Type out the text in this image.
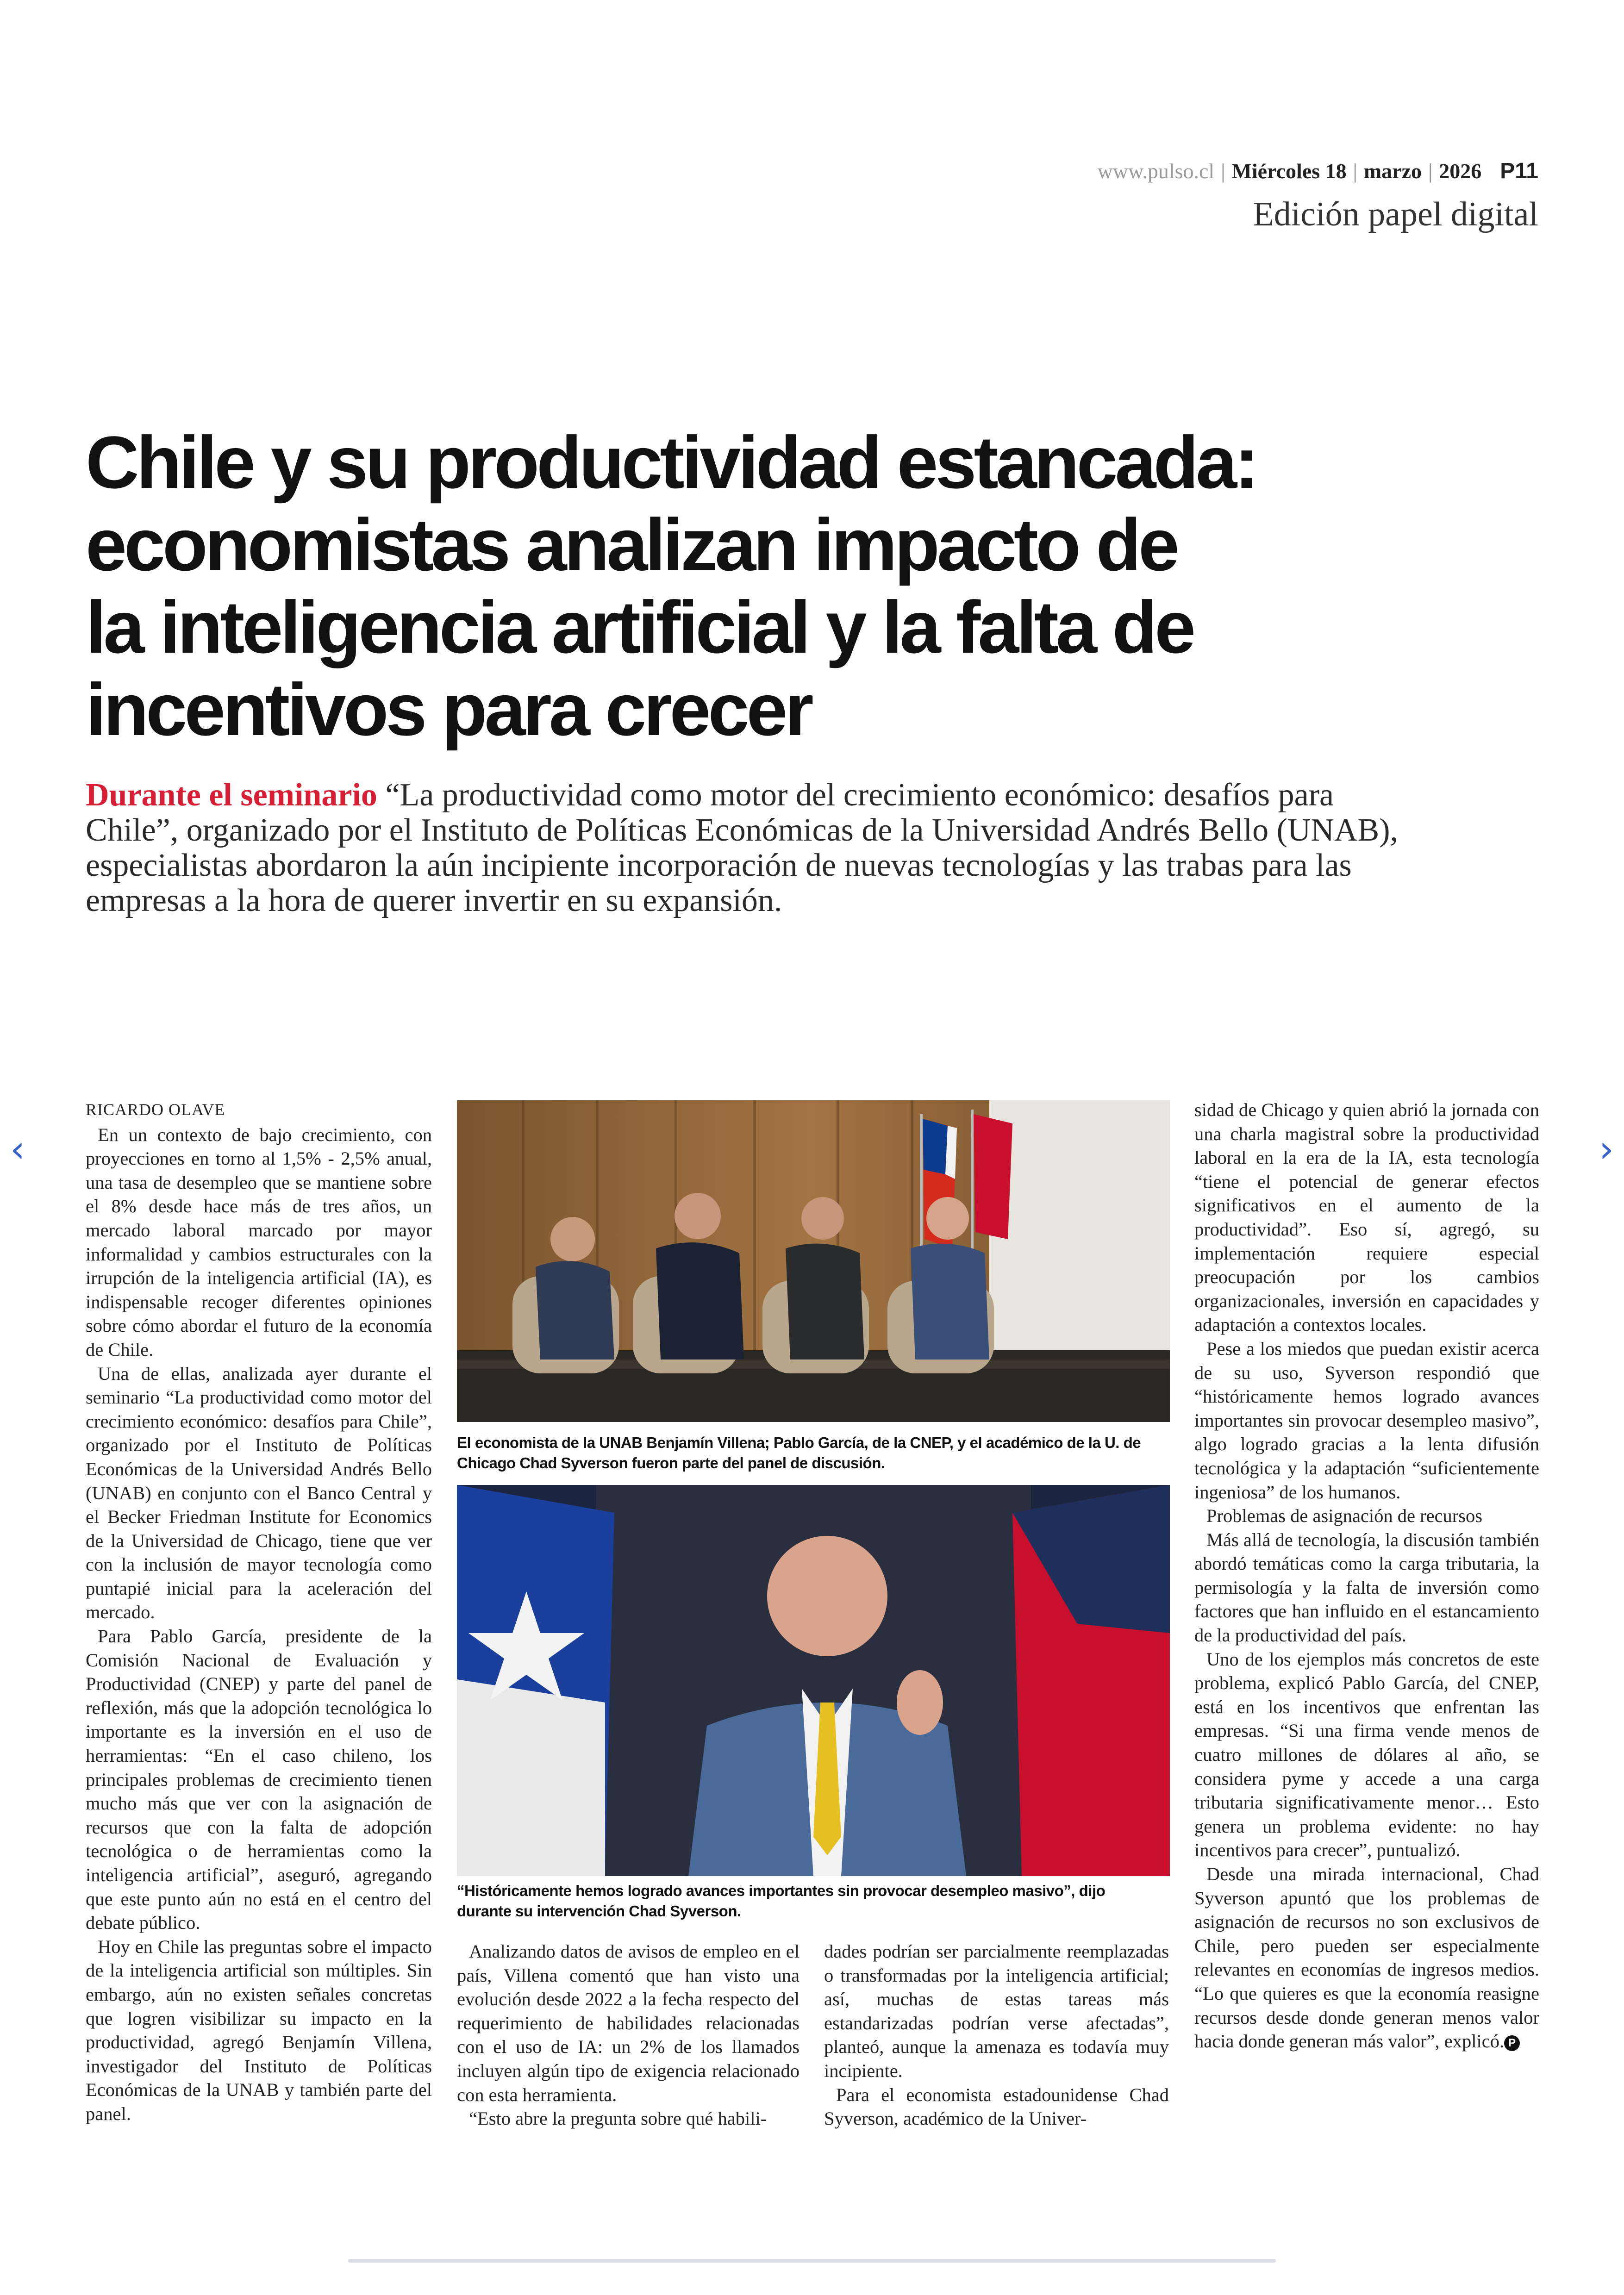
www.pulso.cl | Miércoles 18 | marzo | 2026 P11
Edición papel digital
Chile y su productividad estancada:
economistas analizan impacto de
la inteligencia artificial y la falta de
incentivos para crecer
Durante el seminario “La productividad como motor del crecimiento económico: desafíos para
Chile”, organizado por el Instituto de Políticas Económicas de la Universidad Andrés Bello (UNAB),
especialistas abordaron la aún incipiente incorporación de nuevas tecnologías y las trabas para las
empresas a la hora de querer invertir en su expansión.

RICARDO OLAVE

En un contexto de bajo crecimiento, con proyecciones en torno al 1,5% - 2,5% anual, una tasa de desempleo que se mantiene sobre el 8% desde hace más de tres años, un mercado laboral marcado por mayor informalidad y cambios estructurales con la irrupción de la inteligencia artificial (IA), es indispensable recoger diferentes opiniones sobre cómo abordar el futuro de la economía de Chile.

Una de ellas, analizada ayer durante el seminario “La productividad como motor del crecimiento económico: desafíos para Chile”, organizado por el Instituto de Políticas Económicas de la Universidad Andrés Bello (UNAB) en conjunto con el Banco Central y el Becker Friedman Institute for Economics de la Universidad de Chicago, tiene que ver con la inclusión de mayor tecnología como puntapié inicial para la aceleración del mercado.

Para Pablo García, presidente de la Comisión Nacional de Evaluación y Productividad (CNEP) y parte del panel de reflexión, más que la adopción tecnológica lo importante es la inversión en el uso de herramientas: “En el caso chileno, los principales problemas de crecimiento tienen mucho más que ver con la asignación de recursos que con la falta de adopción tecnológica o de herramientas como la inteligencia artificial”, aseguró, agregando que este punto aún no está en el centro del debate público.

Hoy en Chile las preguntas sobre el impacto de la inteligencia artificial son múltiples. Sin embargo, aún no existen señales concretas que logren visibilizar su impacto en la productividad, agregó Benjamín Villena, investigador del Instituto de Políticas Económicas de la UNAB y también parte del panel.

El economista de la UNAB Benjamín Villena; Pablo García, de la CNEP, y el académico de la U. de
Chicago Chad Syverson fueron parte del panel de discusión.
“Históricamente hemos logrado avances importantes sin provocar desempleo masivo”, dijo
durante su intervención Chad Syverson.

Analizando datos de avisos de empleo en el país, Villena comentó que han visto una evolución desde 2022 a la fecha respecto del requerimiento de habilidades relacionadas con el uso de IA: un 2% de los llamados incluyen algún tipo de exigencia relacionado con esta herramienta.

“Esto abre la pregunta sobre qué habili-

dades podrían ser parcialmente reemplazadas o transformadas por la inteligencia artificial; así, muchas de estas tareas más estandarizadas podrían verse afectadas”, planteó, aunque la amenaza es todavía muy incipiente.

Para el economista estadounidense Chad Syverson, académico de la Univer-

sidad de Chicago y quien abrió la jornada con una charla magistral sobre la productividad laboral en la era de la IA, esta tecnología “tiene el potencial de generar efectos significativos en el aumento de la productividad”. Eso sí, agregó, su implementación requiere especial preocupación por los cambios organizacionales, inversión en capacidades y adaptación a contextos locales.

Pese a los miedos que puedan existir acerca de su uso, Syverson respondió que “históricamente hemos logrado avances importantes sin provocar desempleo masivo”, algo logrado gracias a la lenta difusión tecnológica y la adaptación “suficientemente ingeniosa” de los humanos.

Problemas de asignación de recursos

Más allá de tecnología, la discusión también abordó temáticas como la carga tributaria, la permisología y la falta de inversión como factores que han influido en el estancamiento de la productividad del país.

Uno de los ejemplos más concretos de este problema, explicó Pablo García, del CNEP, está en los incentivos que enfrentan las empresas. “Si una firma vende menos de cuatro millones de dólares al año, se considera pyme y accede a una carga tributaria significativamente menor… Esto genera un problema evidente: no hay incentivos para crecer”, puntualizó.

Desde una mirada internacional, Chad Syverson apuntó que los problemas de asignación de recursos no son exclusivos de Chile, pero pueden ser especialmente relevantes en economías de ingresos medios. “Lo que quieres es que la economía reasigne recursos desde donde generan menos valor hacia donde generan más valor”, explicó. P

‹	›
